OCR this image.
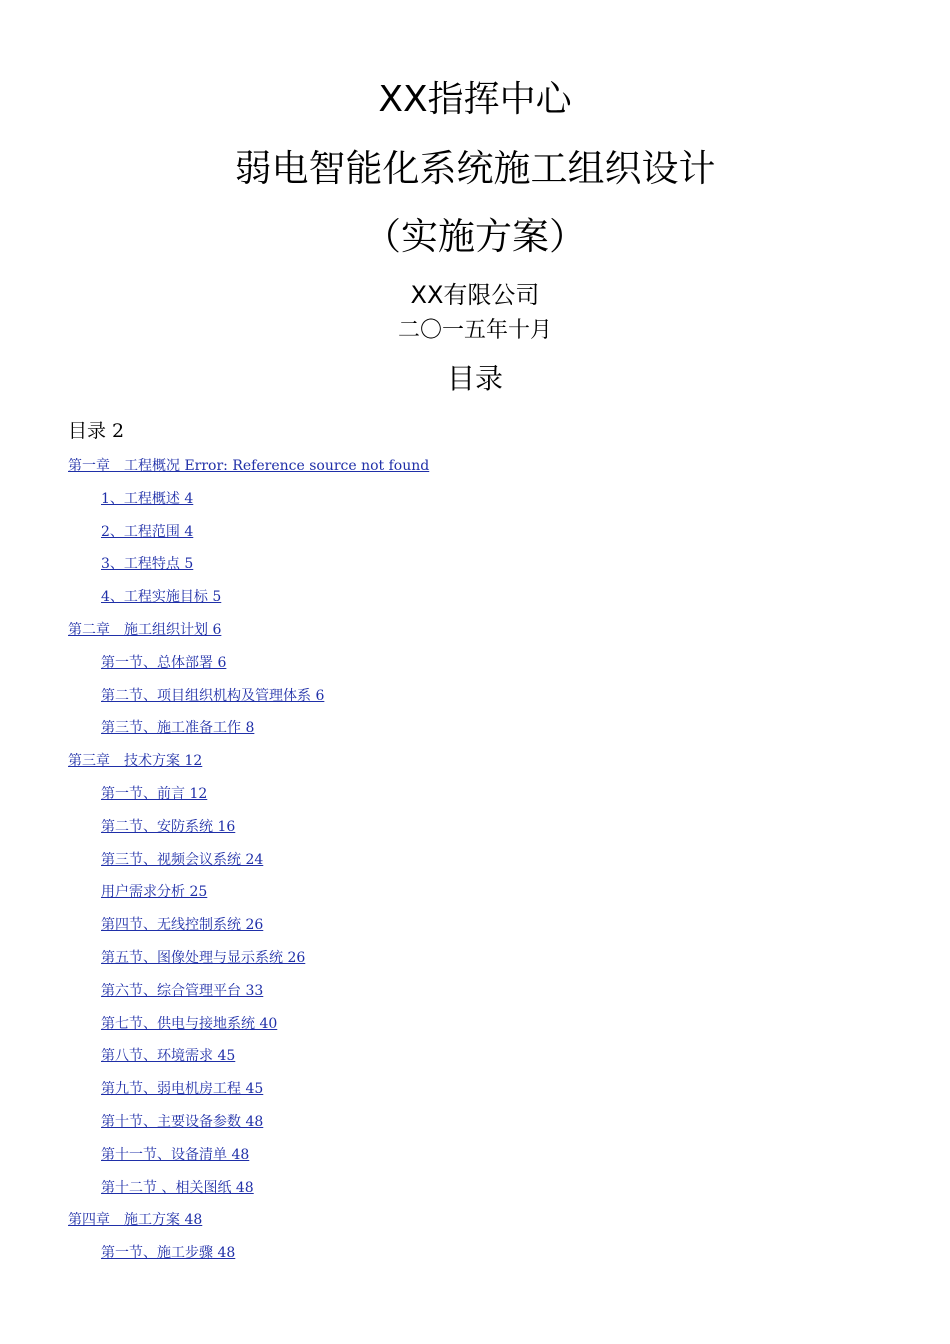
XX指挥中心
弱电智能化系统施工组织设计
（实施方案）
XX有限公司
二〇一五年十月
目录
目录 2
第一章　工程概况 Error: Reference source not found
1、工程概述 4
2、工程范围 4
3、工程特点 5
4、工程实施目标 5
第二章　施工组织计划 6
第一节、总体部署 6
第二节、项目组织机构及管理体系 6
第三节、施工准备工作 8
第三章　技术方案 12
第一节、前言 12
第二节、安防系统 16
第三节、视频会议系统 24
用户需求分析 25
第四节、无线控制系统 26
第五节、图像处理与显示系统 26
第六节、综合管理平台 33
第七节、供电与接地系统 40
第八节、环境需求 45
第九节、弱电机房工程 45
第十节、主要设备参数 48
第十一节、设备清单 48
第十二节 、相关图纸 48
第四章　施工方案 48
第一节、施工步骤 48
